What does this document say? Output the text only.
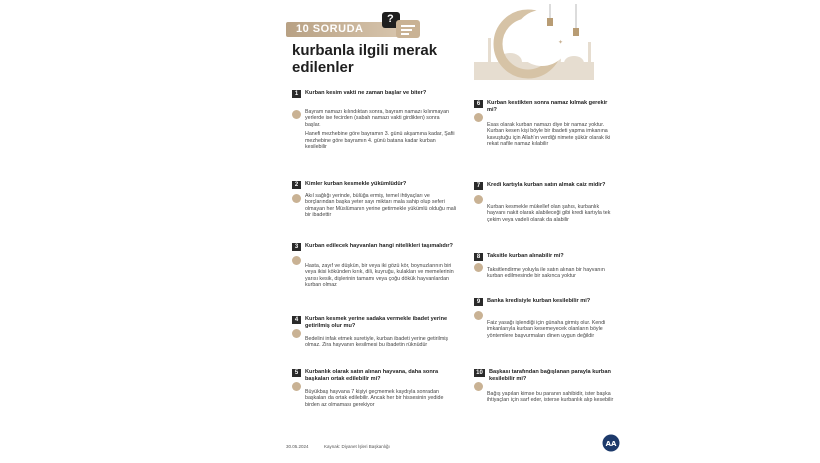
10 SORUDA
?
kurbanla ilgili merak edilenler
✦
1	Kurban kesim vakti ne zaman başlar ve biter?

Bayram namazı kılındıktan sonra, bayram namazı kılınmayan yerlerde ise fecirden (sabah namazı vakti girdikten) sonra başlar.

Hanefi mezhebine göre bayramın 3. günü akşamına kadar, Şafii mezhebine göre bayramın 4. günü batana kadar kurban kesilebilir

2	Kimler kurban kesmekle yükümlüdür?

Akıl sağlığı yerinde, bülüğa ermiş, temel ihtiyaçları ve borçlarından başka yeter sayı miktarı mala sahip olup seferi olmayan her Müslümanın yerine getirmekle yükümlü olduğu mali bir ibadettir

3	Kurban edilecek hayvanları hangi nitelikleri taşımalıdır?

Hasta, zayıf ve düşkün, bir veya iki gözü kör, boynuzlarının biri veya ikisi kökünden kırık, dili, kuyruğu, kulakları ve memelerinin yarısı kesik, dişlerinin tamamı veya çoğu dökük hayvanlardan kurban olmaz

4	Kurban kesmek yerine sadaka vermekle ibadet yerine getirilmiş olur mu?

Bedelini infak etmek suretiyle, kurban ibadeti yerine getirilmiş olmaz. Zira hayvanın kesilmesi bu ibadetin rüknüdür

5	Kurbanlık olarak satın alınan hayvana, daha sonra başkaları ortak edilebilir mi?

Büyükbaş hayvana 7 kişiyi geçmemek kaydıyla sonradan başkaları da ortak edilebilir. Ancak her bir hissesinin yedide birden az olmaması gerekiyor

6	Kurban kestikten sonra namaz kılmak gerekir mi?

Esas olarak kurban namazı diye bir namaz yoktur. Kurban kesen kişi böyle bir ibadeti yapma imkanına kavuştuğu için Allah'ın verdiği nimete şükür olarak iki rekat nafile namaz kılabilir

7	Kredi kartıyla kurban satın almak caiz midir?

Kurban kesmekle mükellef olan şahıs, kurbanlık hayvanı nakit olarak alabileceği gibi kredi kartıyla tek çekim veya vadeli olarak da alabilir

8	Taksitle kurban alınabilir mi?

Taksitlendirme yoluyla ile satın alınan bir hayvanın kurban edilmesinde bir sakınca yoktur

9	Banka kredisiyle kurban kesilebilir mi?

Faiz yasağı işlendiği için günaha girmiş olur. Kendi imkanlarıyla kurban kesemeyecek olanların böyle yöntemlere başvurmaları dinen uygun değildir

10	Başkası tarafından bağışlanan parayla kurban kesilebilir mi?

Bağış yapılan kimse bu paranın sahibidir, ister başka ihtiyaçları için sarf eder, isterse kurbanlık alıp kesebilir

30.05.2024	Kaynak: Diyanet İşleri Başkanlığı	AA
